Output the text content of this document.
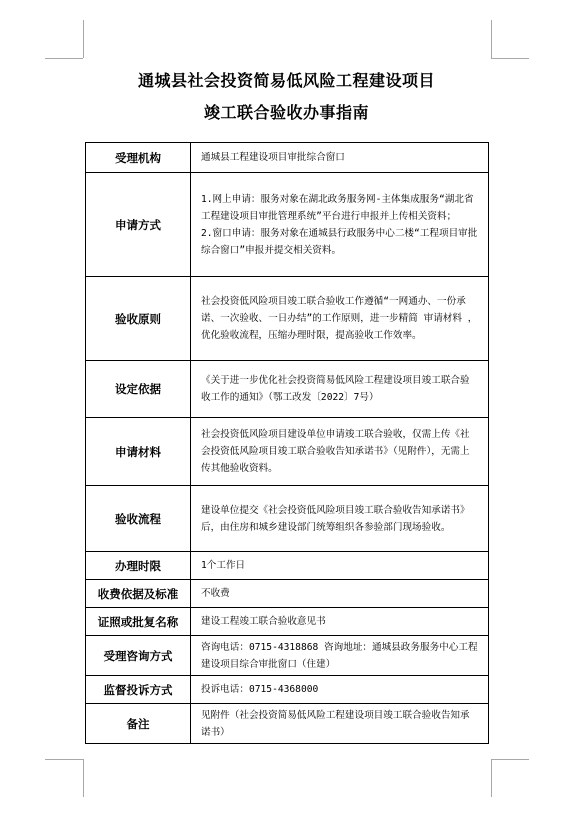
通城县社会投资简易低风险工程建设项目
竣工联合验收办事指南
受理机构	通城县工程建设项目审批综合窗口

申请方式	1.网上申请：服务对象在湖北政务服务网-主体集成服务“湖北省工程建设项目审批管理系统”平台进行申报并上传相关资料；
2.窗口申请：服务对象在通城县行政服务中心二楼“工程项目审批综合窗口”申报并提交相关资料。

验收原则	社会投资低风险项目竣工联合验收工作遵循“一网通办、一份承诺、一次验收、一日办结”的工作原则，进一步精简 审请材料 ，优化验收流程，压缩办理时限，提高验收工作效率。

设定依据	《关于进一步优化社会投资简易低风险工程建设项目竣工联合验收工作的通知》（鄂工改发〔2022〕7号）

申请材料	社会投资低风险项目建设单位申请竣工联合验收，仅需上传《社会投资低风险项目竣工联合验收告知承诺书》（见附件），无需上传其他验收资料。

验收流程	建设单位提交《社会投资低风险项目竣工联合验收告知承诺书》后，由住房和城乡建设部门统筹组织各参验部门现场验收。

办理时限	1个工作日

收费依据及标准	不收费

证照或批复名称	建设工程竣工联合验收意见书

受理咨询方式	咨询电话：0715-4318868 咨询地址：通城县政务服务中心工程建设项目综合审批窗口（住建）

监督投诉方式	投诉电话：0715-4368000

备注	见附件（社会投资简易低风险工程建设项目竣工联合验收告知承诺书）
